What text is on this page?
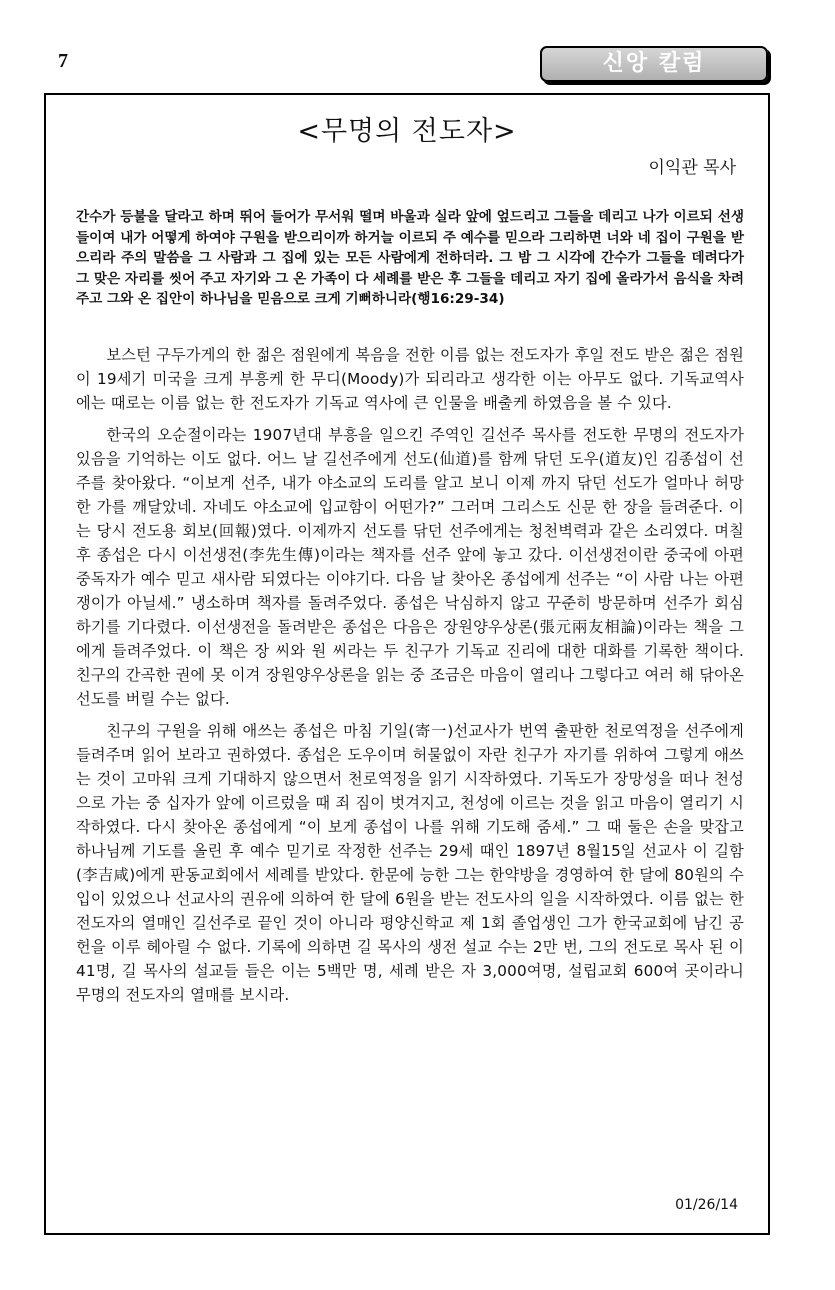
7	신앙 칼럼
<무명의 전도자>
이익관 목사
간수가 등불을 달라고 하며 뛰어 들어가 무서워 떨며 바울과 실라 앞에 엎드리고 그들을 데리고 나가 이르되 선생들이여 내가 어떻게 하여야 구원을 받으리이까 하거늘 이르되 주 예수를 믿으라 그리하면 너와 네 집이 구원을 받으리라 주의 말씀을 그 사람과 그 집에 있는 모든 사람에게 전하더라. 그 밤 그 시각에 간수가 그들을 데려다가 그 맞은 자리를 씻어 주고 자기와 그 온 가족이 다 세례를 받은 후 그들을 데리고 자기 집에 올라가서 음식을 차려 주고 그와 온 집안이 하나님을 믿음으로 크게 기뻐하니라(행16:29-34)

보스턴 구두가게의 한 젊은 점원에게 복음을 전한 이름 없는 전도자가 후일 전도 받은 젊은 점원이 19세기 미국을 크게 부흥케 한 무디(Moody)가 되리라고 생각한 이는 아무도 없다. 기독교역사에는 때로는 이름 없는 한 전도자가 기독교 역사에 큰 인물을 배출케 하였음을 볼 수 있다.

한국의 오순절이라는 1907년대 부흥을 일으킨 주역인 길선주 목사를 전도한 무명의 전도자가 있음을 기억하는 이도 없다. 어느 날 길선주에게 선도(仙道)를 함께 닦던 도우(道友)인 김종섭이 선주를 찾아왔다. “이보게 선주, 내가 야소교의 도리를 알고 보니 이제 까지 닦던 선도가 얼마나 허망한 가를 깨달았네. 자네도 야소교에 입교함이 어떤가?” 그러며 그리스도 신문 한 장을 들려준다. 이는 당시 전도용 회보(回報)였다. 이제까지 선도를 닦던 선주에게는 청천벽력과 같은 소리였다. 며칠 후 종섭은 다시 이선생전(李先生傳)이라는 책자를 선주 앞에 놓고 갔다. 이선생전이란 중국에 아편 중독자가 예수 믿고 새사람 되였다는 이야기다. 다음 날 찾아온 종섭에게 선주는 “이 사람 나는 아편쟁이가 아닐세.” 냉소하며 책자를 돌려주었다. 종섭은 낙심하지 않고 꾸준히 방문하며 선주가 회심하기를 기다렸다. 이선생전을 돌려받은 종섭은 다음은 장원양우상론(張元兩友相論)이라는 책을 그에게 들려주었다. 이 책은 장 씨와 원 씨라는 두 친구가 기독교 진리에 대한 대화를 기록한 책이다. 친구의 간곡한 권에 못 이겨 장원양우상론을 읽는 중 조금은 마음이 열리나 그렇다고 여러 해 닦아온 선도를 버릴 수는 없다.

친구의 구원을 위해 애쓰는 종섭은 마침 기일(寄一)선교사가 번역 출판한 천로역정을 선주에게 들려주며 읽어 보라고 권하였다. 종섭은 도우이며 허물없이 자란 친구가 자기를 위하여 그렇게 애쓰는 것이 고마워 크게 기대하지 않으면서 천로역정을 읽기 시작하였다. 기독도가 장망성을 떠나 천성으로 가는 중 십자가 앞에 이르렀을 때 죄 짐이 벗겨지고, 천성에 이르는 것을 읽고 마음이 열리기 시작하였다. 다시 찾아온 종섭에게 “이 보게 종섭이 나를 위해 기도해 줌세.” 그 때 둘은 손을 맞잡고 하나님께 기도를 올린 후 예수 믿기로 작정한 선주는 29세 때인 1897년 8월15일 선교사 이 길함(李吉咸)에게 판동교회에서 세례를 받았다. 한문에 능한 그는 한약방을 경영하여 한 달에 80원의 수입이 있었으나 선교사의 권유에 의하여 한 달에 6원을 받는 전도사의 일을 시작하였다. 이름 없는 한 전도자의 열매인 길선주로 끝인 것이 아니라 평양신학교 제 1회 졸업생인 그가 한국교회에 남긴 공헌을 이루 헤아릴 수 없다. 기록에 의하면 길 목사의 생전 설교 수는 2만 번, 그의 전도로 목사 된 이 41명, 길 목사의 설교들 들은 이는 5백만 명, 세례 받은 자 3,000여명, 설립교회 600여 곳이라니 무명의 전도자의 열매를 보시라.

01/26/14
